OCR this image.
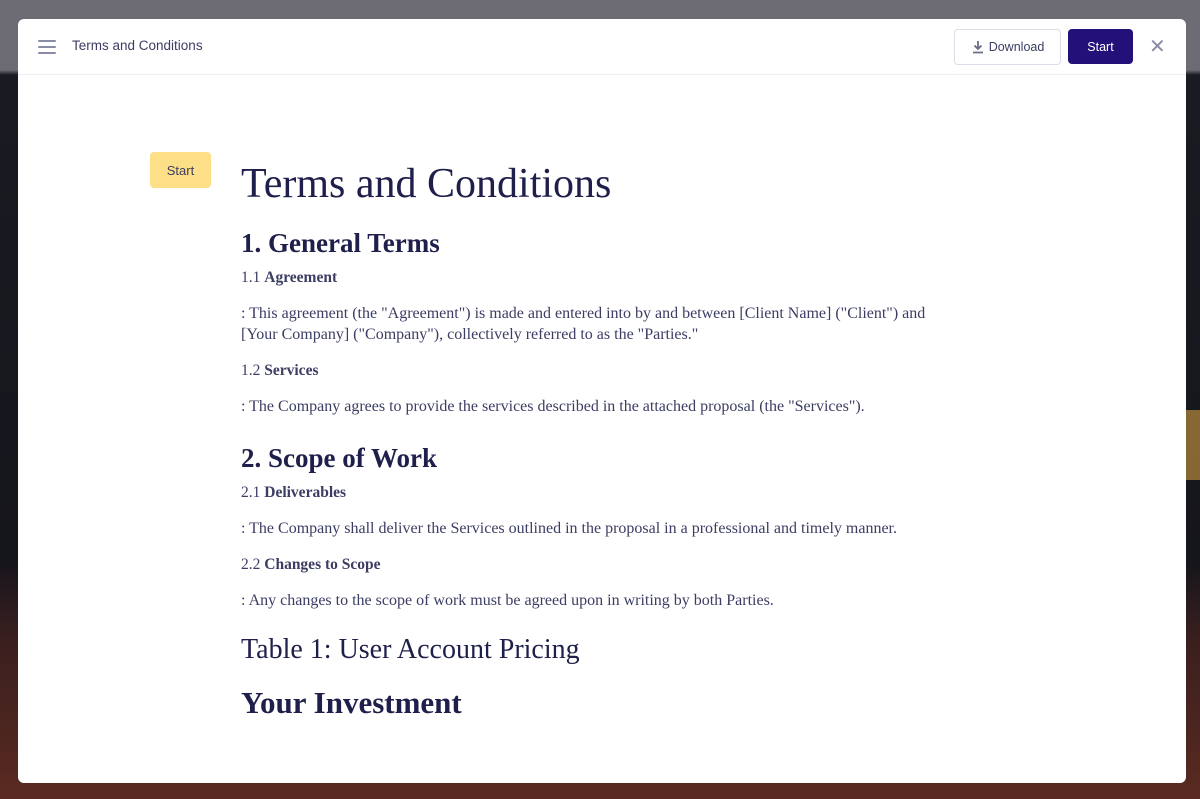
Terms and Conditions	Download	Start	✕
Start	Terms and Conditions
1. General Terms
1.1 Agreement

: This agreement (the "Agreement") is made and entered into by and between [Client Name] ("Client") and [Your Company] ("Company"), collectively referred to as the "Parties."

1.2 Services

: The Company agrees to provide the services described in the attached proposal (the "Services").

2. Scope of Work
2.1 Deliverables

: The Company shall deliver the Services outlined in the proposal in a professional and timely manner.

2.2 Changes to Scope

: Any changes to the scope of work must be agreed upon in writing by both Parties.

Table 1: User Account Pricing
Your Investment
